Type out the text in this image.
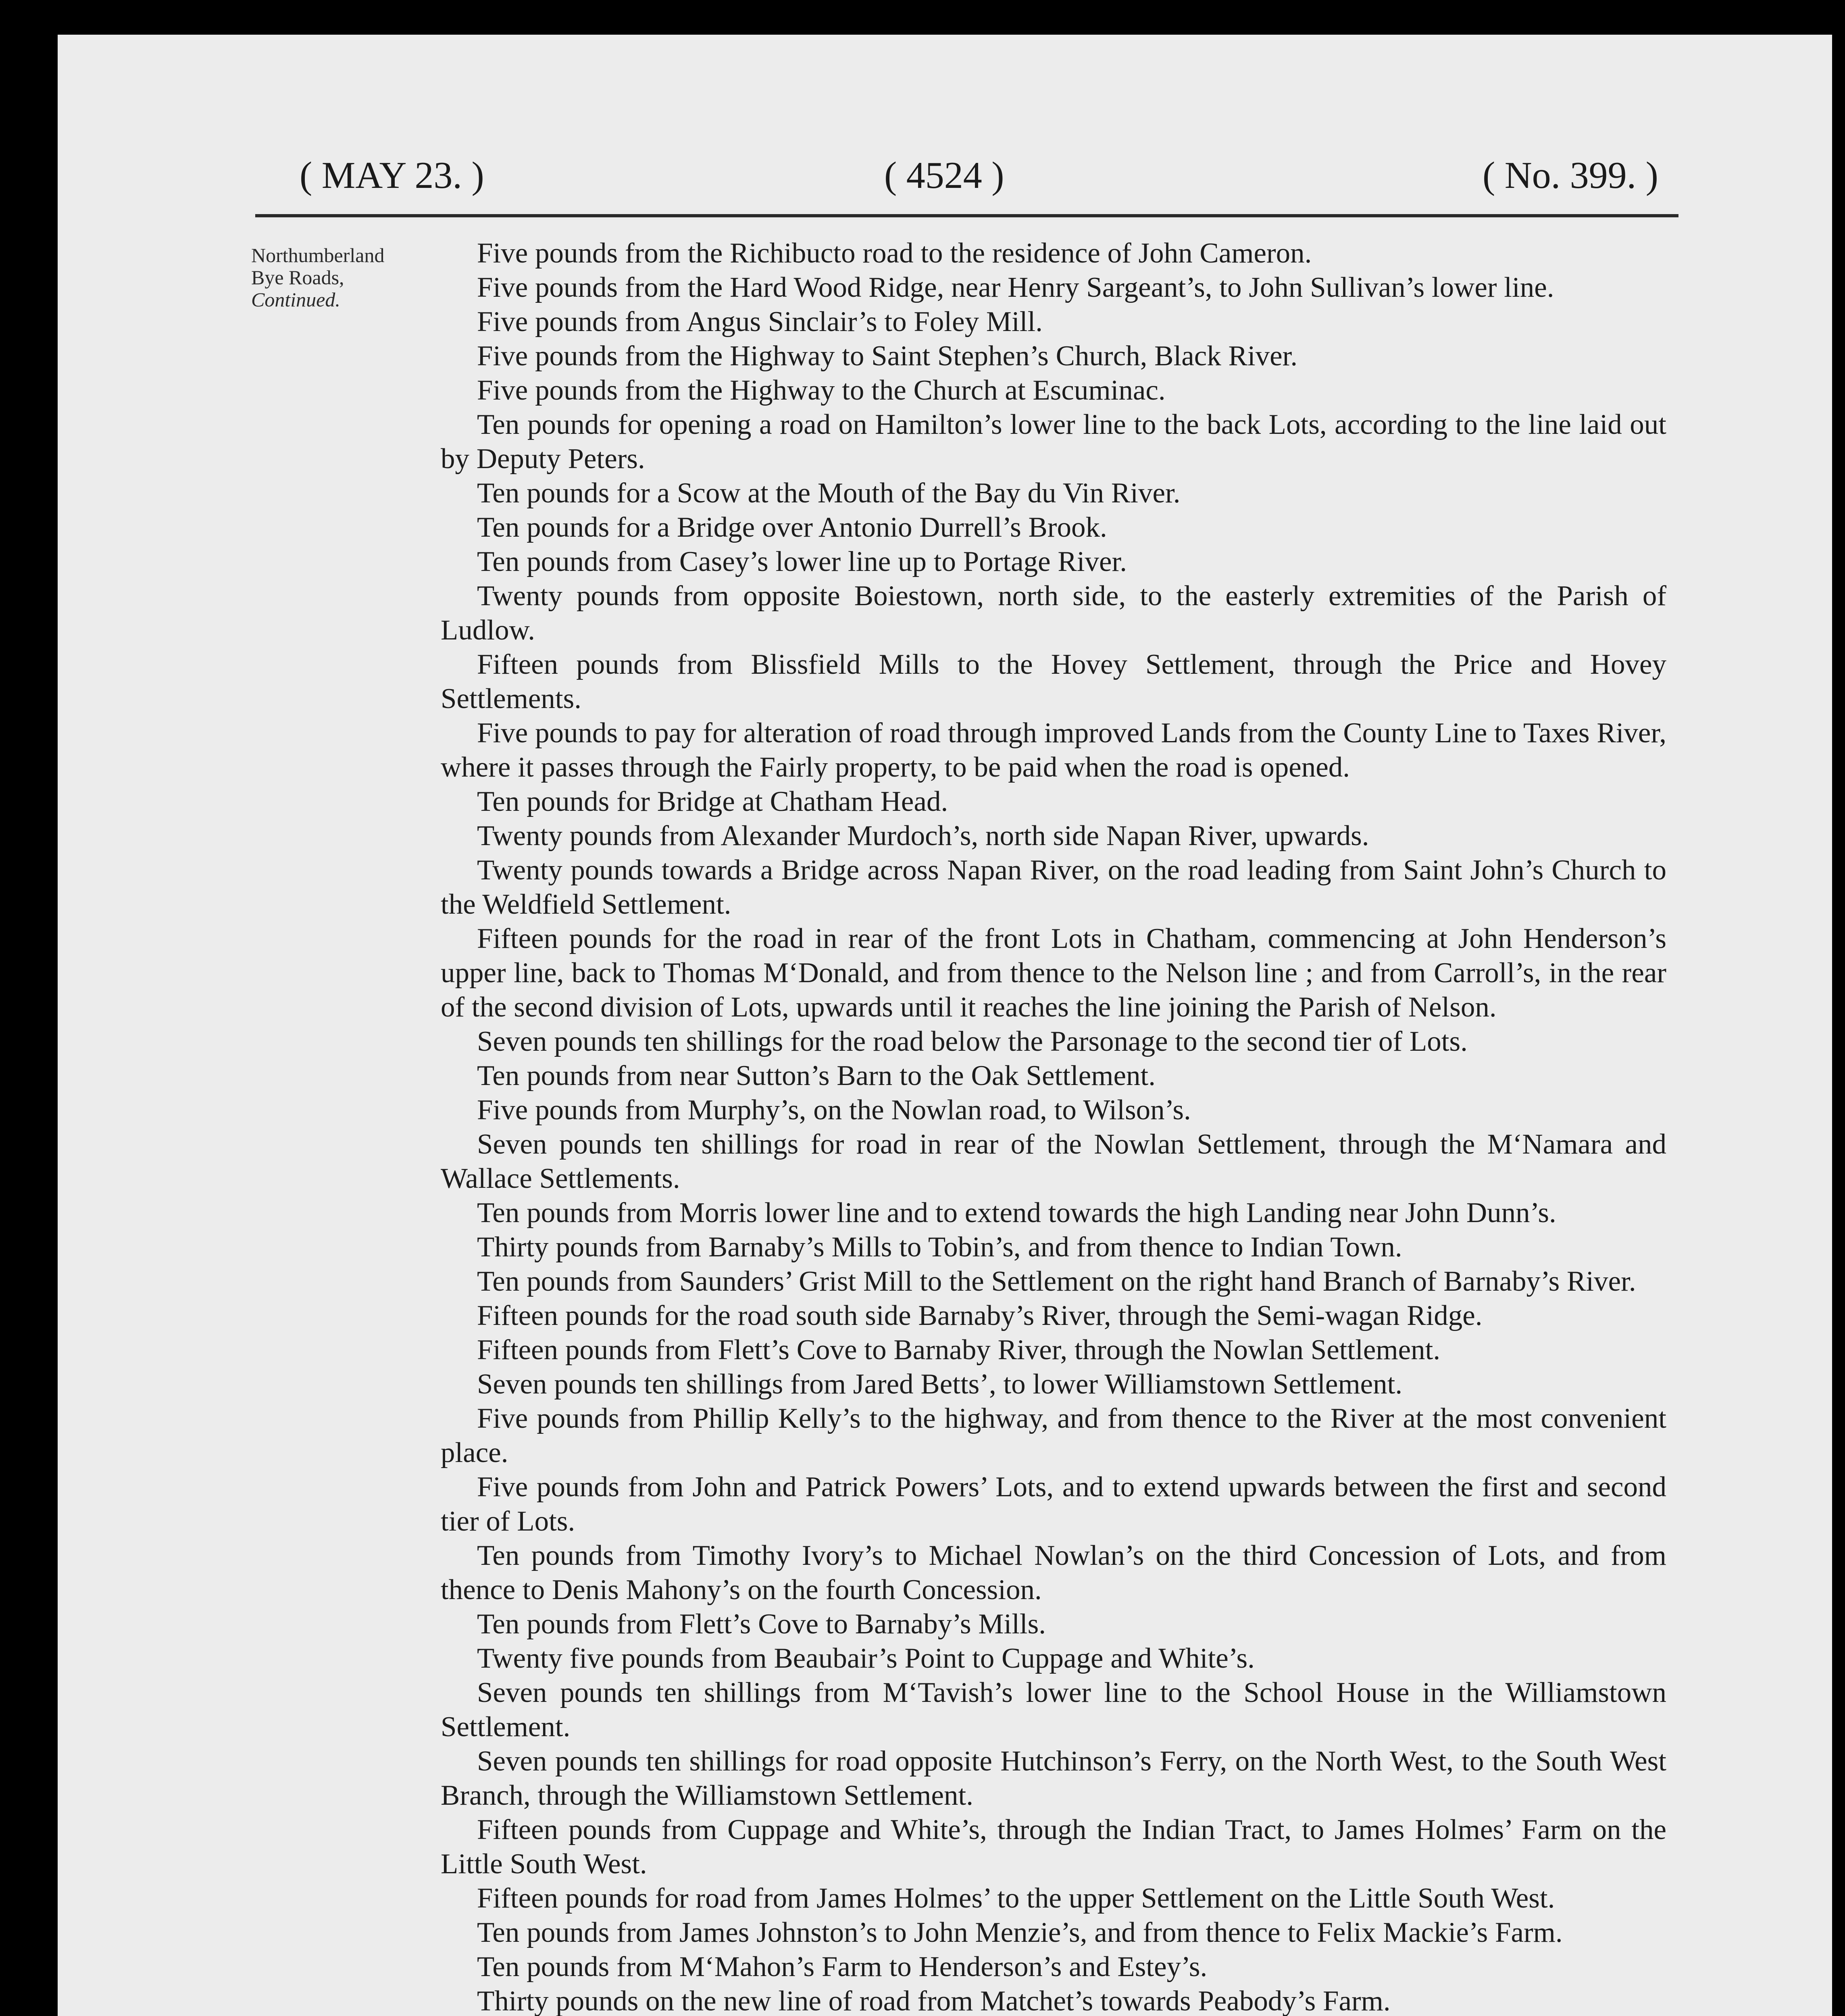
( MAY 23. )	( 4524 )	( No. 399. )
Northumberland
Bye Roads,
Continued.

Five pounds from the Richibucto road to the residence of John Cameron.

Five pounds from the Hard Wood Ridge, near Henry Sargeant’s, to John Sullivan’s lower line.

Five pounds from Angus Sinclair’s to Foley Mill.

Five pounds from the Highway to Saint Stephen’s Church, Black River.

Five pounds from the Highway to the Church at Escuminac.

Ten pounds for opening a road on Hamilton’s lower line to the back Lots, according to the line laid out by Deputy Peters.

Ten pounds for a Scow at the Mouth of the Bay du Vin River.

Ten pounds for a Bridge over Antonio Durrell’s Brook.

Ten pounds from Casey’s lower line up to Portage River.

Twenty pounds from opposite Boiestown, north side, to the easterly extremities of the Parish of Ludlow.

Fifteen pounds from Blissfield Mills to the Hovey Settlement, through the Price and Hovey Settlements.

Five pounds to pay for alteration of road through improved Lands from the County Line to Taxes River, where it passes through the Fairly property, to be paid when the road is opened.

Ten pounds for Bridge at Chatham Head.

Twenty pounds from Alexander Murdoch’s, north side Napan River, upwards.

Twenty pounds towards a Bridge across Napan River, on the road leading from Saint John’s Church to the Weldfield Settlement.

Fifteen pounds for the road in rear of the front Lots in Chatham, commencing at John Henderson’s upper line, back to Thomas M‘Donald, and from thence to the Nelson line ; and from Carroll’s, in the rear of the second division of Lots, upwards until it reaches the line joining the Parish of Nelson.

Seven pounds ten shillings for the road below the Parsonage to the second tier of Lots.

Ten pounds from near Sutton’s Barn to the Oak Settlement.

Five pounds from Murphy’s, on the Nowlan road, to Wilson’s.

Seven pounds ten shillings for road in rear of the Nowlan Settlement, through the M‘Namara and Wallace Settlements.

Ten pounds from Morris lower line and to extend towards the high Landing near John Dunn’s.

Thirty pounds from Barnaby’s Mills to Tobin’s, and from thence to Indian Town.

Ten pounds from Saunders’ Grist Mill to the Settlement on the right hand Branch of Barnaby’s River.

Fifteen pounds for the road south side Barnaby’s River, through the Semi-wagan Ridge.

Fifteen pounds from Flett’s Cove to Barnaby River, through the Nowlan Settlement.

Seven pounds ten shillings from Jared Betts’, to lower Williamstown Settlement.

Five pounds from Phillip Kelly’s to the highway, and from thence to the River at the most convenient place.

Five pounds from John and Patrick Powers’ Lots, and to extend upwards between the first and second tier of Lots.

Ten pounds from Timothy Ivory’s to Michael Nowlan’s on the third Concession of Lots, and from thence to Denis Mahony’s on the fourth Concession.

Ten pounds from Flett’s Cove to Barnaby’s Mills.

Twenty five pounds from Beaubair’s Point to Cuppage and White’s.

Seven pounds ten shillings from M‘Tavish’s lower line to the School House in the Williamstown Settlement.

Seven pounds ten shillings for road opposite Hutchinson’s Ferry, on the North West, to the South West Branch, through the Williamstown Settlement.

Fifteen pounds from Cuppage and White’s, through the Indian Tract, to James Holmes’ Farm on the Little South West.

Fifteen pounds for road from James Holmes’ to the upper Settlement on the Little South West.

Ten pounds from James Johnston’s to John Menzie’s, and from thence to Felix Mackie’s Farm.

Ten pounds from M‘Mahon’s Farm to Henderson’s and Estey’s.

Thirty pounds on the new line of road from Matchet’s towards Peabody’s Farm.
